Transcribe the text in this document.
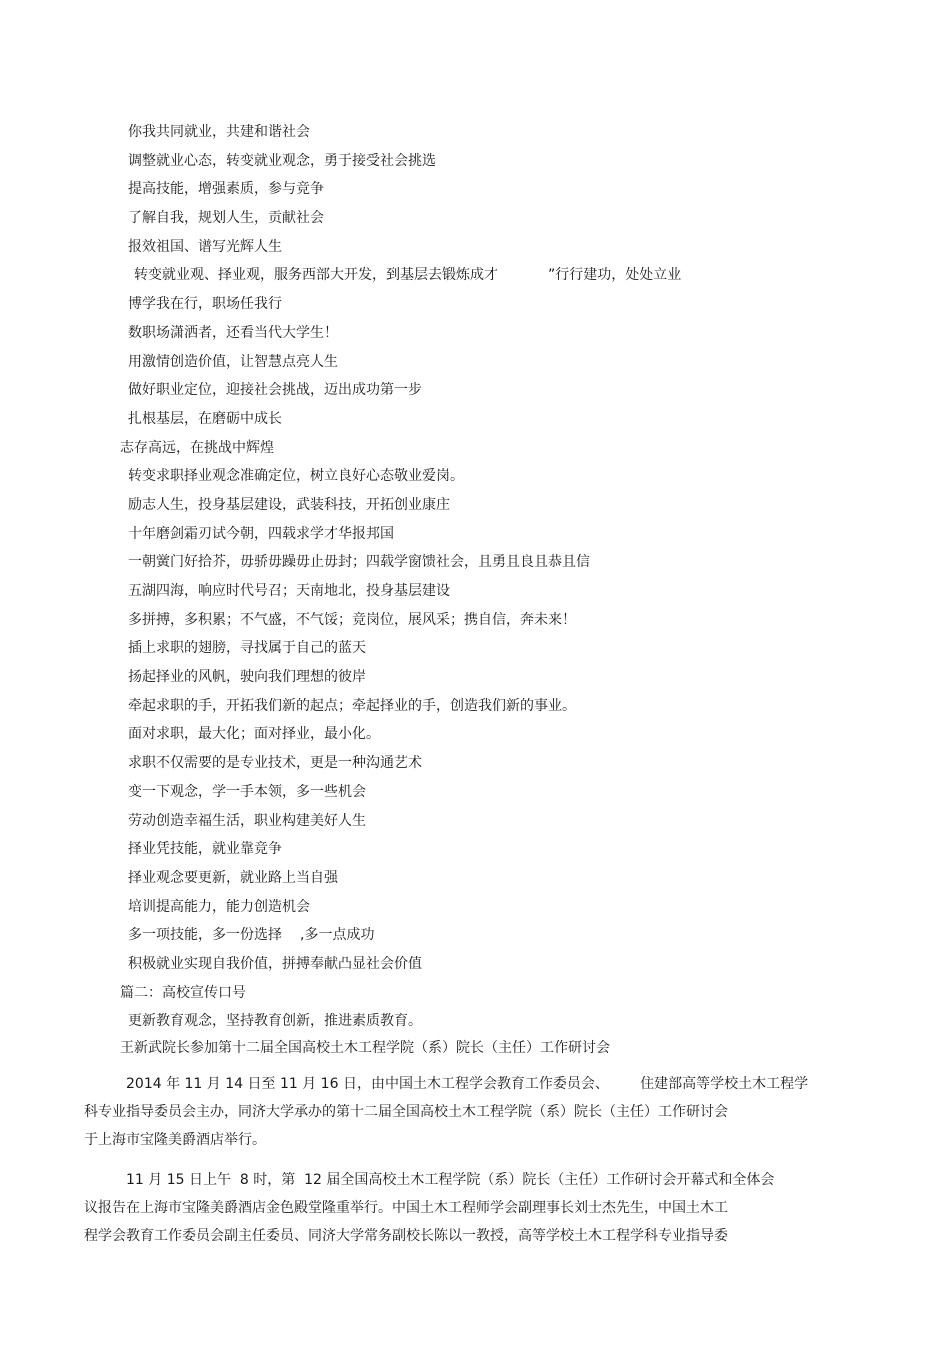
你我共同就业，共建和谐社会
调整就业心态，转变就业观念，勇于接受社会挑选
提高技能，增强素质，参与竞争
了解自我，规划人生，贡献社会
报效祖国、谱写光辉人生
转变就业观、择业观，服务西部大开发，到基层去锻炼成才	”行行建功，处处立业
博学我在行，职场任我行
数职场潇洒者，还看当代大学生！
用激情创造价值，让智慧点亮人生
做好职业定位，迎接社会挑战，迈出成功第一步
扎根基层，在磨砺中成长
志存高远，在挑战中辉煌
转变求职择业观念准确定位，树立良好心态敬业爱岗。
励志人生，投身基层建设，武装科技，开拓创业康庄
十年磨剑霜刃试今朝，四载求学才华报邦国
一朝黉门好拾芥，毋骄毋躁毋止毋封；四载学窗馈社会，且勇且良且恭且信
五湖四海，响应时代号召；天南地北，投身基层建设
多拼搏，多积累；不气盛，不气馁；竞岗位，展风采；携自信，奔未来！
插上求职的翅膀，寻找属于自己的蓝天
扬起择业的风帆，驶向我们理想的彼岸
牵起求职的手，开拓我们新的起点；牵起择业的手，创造我们新的事业。
面对求职，最大化；面对择业，最小化。
求职不仅需要的是专业技术，更是一种沟通艺术
变一下观念，学一手本领，多一些机会
劳动创造幸福生活，职业构建美好人生
择业凭技能，就业靠竞争
择业观念要更新，就业路上当自强
培训提高能力，能力创造机会
多一项技能，多一份选择 ,多一点成功
积极就业实现自我价值，拼搏奉献凸显社会价值
篇二：高校宣传口号
更新教育观念，坚持教育创新，推进素质教育。
王新武院长参加第十二届全国高校土木工程学院（系）院长（主任）工作研讨会
2014 年 11 月 14 日至 11 月 16 日，由中国土木工程学会教育工作委员会、       住建部高等学校土木工程学
科专业指导委员会主办，同济大学承办的第十二届全国高校土木工程学院（系）院长（主任）工作研讨会
于上海市宝隆美爵酒店举行。
11 月 15 日上午  8 时，第  12 届全国高校土木工程学院（系）院长（主任）工作研讨会开幕式和全体会
议报告在上海市宝隆美爵酒店金色殿堂隆重举行。中国土木工程师学会副理事长刘士杰先生，中国土木工
程学会教育工作委员会副主任委员、同济大学常务副校长陈以一教授，高等学校土木工程学科专业指导委
